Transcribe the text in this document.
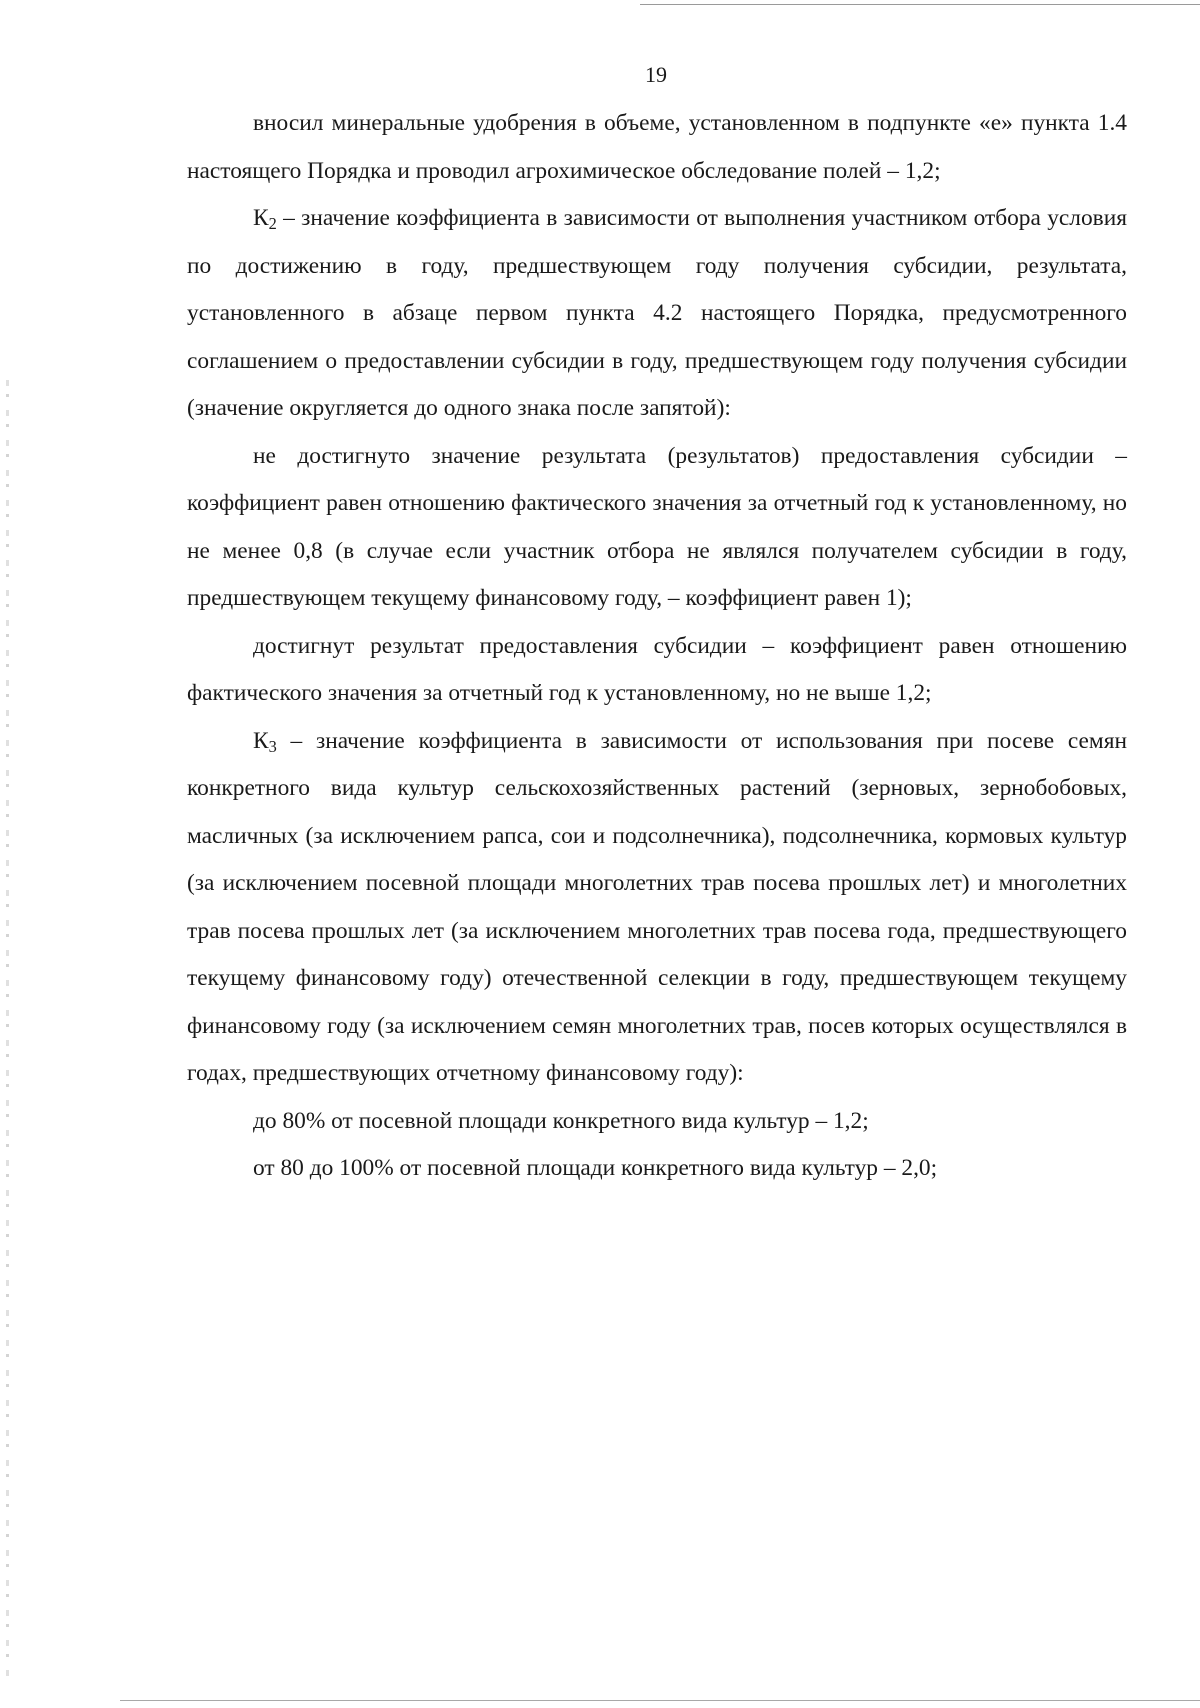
19

вносил минеральные удобрения в объеме, установленном в подпункте «е» пункта 1.4 настоящего Порядка и проводил агрохимическое обследование полей – 1,2;

$К_2$ – значение коэффициента в зависимости от выполнения участником отбора условия по достижению в году, предшествующем году получения субсидии, результата, установленного в абзаце первом пункта 4.2 настоящего Порядка, предусмотренного соглашением о предоставлении субсидии в году, предшествующем году получения субсидии (значение округляется до одного знака после запятой):

не достигнуто значение результата (результатов) предоставления субсидии – коэффициент равен отношению фактического значения за отчетный год к установленному, но не менее 0,8 (в случае если участник отбора не являлся получателем субсидии в году, предшествующем текущему финансовому году, – коэффициент равен 1);

достигнут результат предоставления субсидии – коэффициент равен отношению фактического значения за отчетный год к установленному, но не выше 1,2;

$К_3$ – значение коэффициента в зависимости от использования при посеве семян конкретного вида культур сельскохозяйственных растений (зерновых, зернобобовых, масличных (за исключением рапса, сои и подсолнечника), подсолнечника, кормовых культур (за исключением посевной площади многолетних трав посева прошлых лет) и многолетних трав посева прошлых лет (за исключением многолетних трав посева года, предшествующего текущему финансовому году) отечественной селекции в году, предшествующем текущему финансовому году (за исключением семян многолетних трав, посев которых осуществлялся в годах, предшествующих отчетному финансовому году):

до 80% от посевной площади конкретного вида культур – 1,2;

от 80 до 100% от посевной площади конкретного вида культур – 2,0;
